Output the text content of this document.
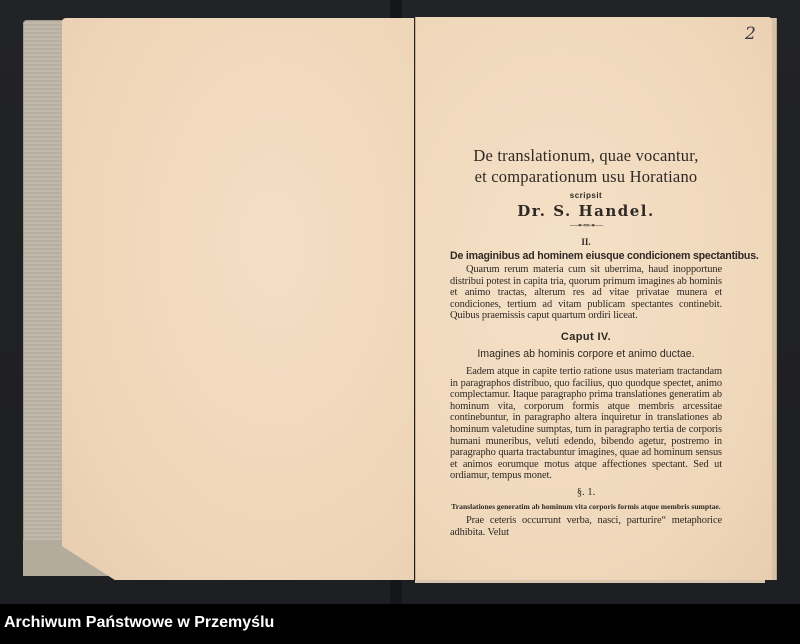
2
De translationum, quae vocantur,
et comparationum usu Horatiano
scripsit
Dr. S. Handel.
—⊷⊶—
II.
De imaginibus ad hominem eiusque condicionem spectantibus.
Quarum rerum materia cum sit uberrima, haud inopportune distribui potest in capita tria, quorum primum imagines ab hominis et animo tractas, alterum res ad vitae privatae munera et condiciones, tertium ad vitam publicam spectantes continebit. Quibus praemissis caput quartum ordiri liceat.
Caput IV.
Imagines ab hominis corpore et animo ductae.
Eadem atque in capite tertio ratione usus materiam tractandam in paragraphos distribuo, quo facilius, quo quodque spectet, animo complectamur. Itaque paragrapho prima translationes generatim ab hominum vita, corporum formis atque membris arcessitae continebuntur, in paragrapho altera inquiretur in translationes ab hominum valetudine sumptas, tum in paragrapho tertia de corporis humani muneribus, veluti edendo, bibendo agetur, postremo in paragrapho quarta tractabuntur imagines, quae ad hominum sensus et animos eorumque motus atque affectiones spectant. Sed ut ordiamur, tempus monet.
§. 1.
Translationes generatim ab hominum vita corporis formis atque membris sumptae.
Prae ceteris occurrunt verba, nasci, parturire“ metaphorice adhibita. Velut
Archiwum Państwowe w Przemyślu
